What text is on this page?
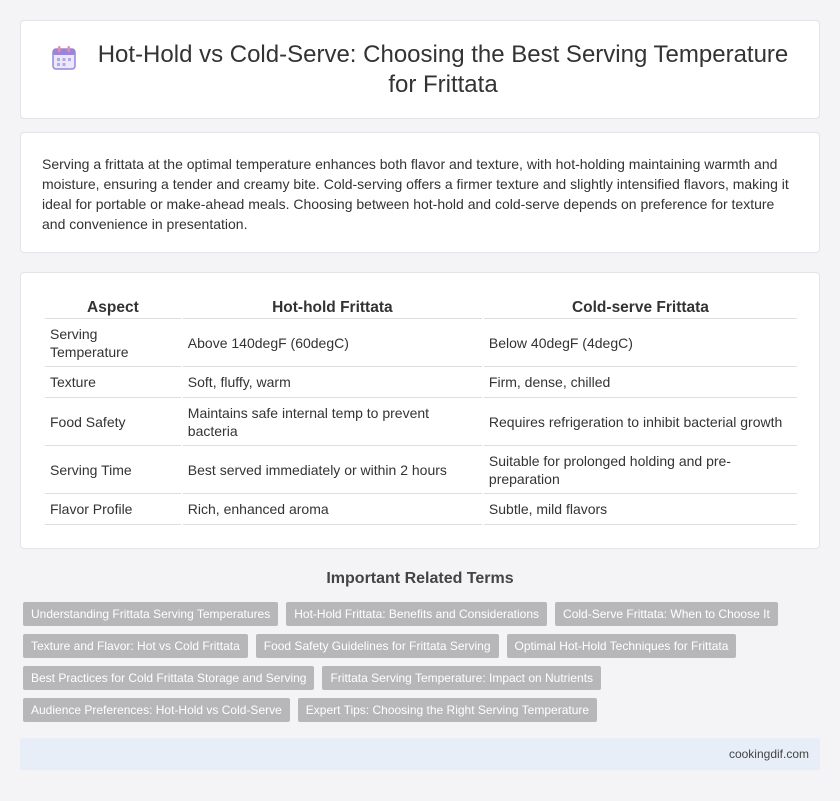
Hot-Hold vs Cold-Serve: Choosing the Best Serving Temperature for Frittata

Serving a frittata at the optimal temperature enhances both flavor and texture, with hot-holding maintaining warmth and moisture, ensuring a tender and creamy bite. Cold-serving offers a firmer texture and slightly intensified flavors, making it ideal for portable or make-ahead meals. Choosing between hot-hold and cold-serve depends on preference for texture and convenience in presentation.

Aspect	Hot-hold Frittata	Cold-serve Frittata
Serving Temperature	Above 140degF (60degC)	Below 40degF (4degC)
Texture	Soft, fluffy, warm	Firm, dense, chilled
Food Safety	Maintains safe internal temp to prevent bacteria	Requires refrigeration to inhibit bacterial growth
Serving Time	Best served immediately or within 2 hours	Suitable for prolonged holding and pre-preparation
Flavor Profile	Rich, enhanced aroma	Subtle, mild flavors
Important Related Terms
Understanding Frittata Serving Temperatures	Hot-Hold Frittata: Benefits and Considerations	Cold-Serve Frittata: When to Choose It
Texture and Flavor: Hot vs Cold Frittata	Food Safety Guidelines for Frittata Serving	Optimal Hot-Hold Techniques for Frittata
Best Practices for Cold Frittata Storage and Serving	Frittata Serving Temperature: Impact on Nutrients
Audience Preferences: Hot-Hold vs Cold-Serve	Expert Tips: Choosing the Right Serving Temperature
cookingdif.com
